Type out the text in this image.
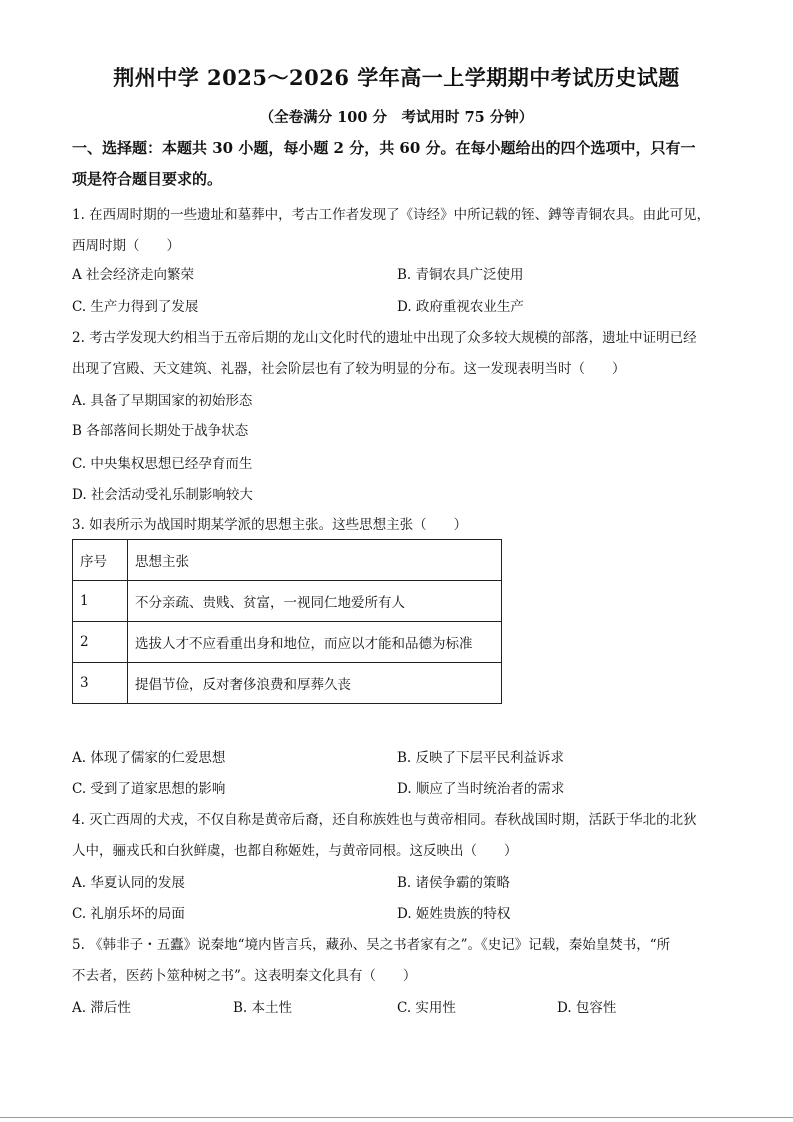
荆州中学 2025～2026 学年高一上学期期中考试历史试题
（全卷满分 100 分　考试用时 75 分钟）
一、选择题：本题共 30 小题，每小题 2 分，共 60 分。在每小题给出的四个选项中，只有一
项是符合题目要求的。
1. 在西周时期的一些遗址和墓葬中，考古工作者发现了《诗经》中所记载的铚、鎛等青铜农具。由此可见，
西周时期（　　）
A 社会经济走向繁荣	B. 青铜农具广泛使用
C. 生产力得到了发展	D. 政府重视农业生产
2. 考古学发现大约相当于五帝后期的龙山文化时代的遗址中出现了众多较大规模的部落，遗址中证明已经
出现了宫殿、天文建筑、礼器，社会阶层也有了较为明显的分布。这一发现表明当时（　　）
A. 具备了早期国家的初始形态
B 各部落间长期处于战争状态
C. 中央集权思想已经孕育而生
D. 社会活动受礼乐制影响较大
3. 如表所示为战国时期某学派的思想主张。这些思想主张（　　）
序号	思想主张
1	不分亲疏、贵贱、贫富，一视同仁地爱所有人
2	选拔人才不应看重出身和地位，而应以才能和品德为标准
3	提倡节俭，反对奢侈浪费和厚葬久丧
A. 体现了儒家的仁爱思想	B. 反映了下层平民利益诉求
C. 受到了道家思想的影响	D. 顺应了当时统治者的需求
4. 灭亡西周的犬戎，不仅自称是黄帝后裔，还自称族姓也与黄帝相同。春秋战国时期，活跃于华北的北狄
人中，骊戎氏和白狄鲜虞，也都自称姬姓，与黄帝同根。这反映出（　　）
A. 华夏认同的发展	B. 诸侯争霸的策略
C. 礼崩乐坏的局面	D. 姬姓贵族的特权
5. 《韩非子・五蠹》说秦地“境内皆言兵，藏孙、吴之书者家有之”。《史记》记载，秦始皇焚书，“所
不去者，医药卜筮种树之书”。这表明秦文化具有（　　）
A. 滞后性	B. 本土性	C. 实用性	D. 包容性
